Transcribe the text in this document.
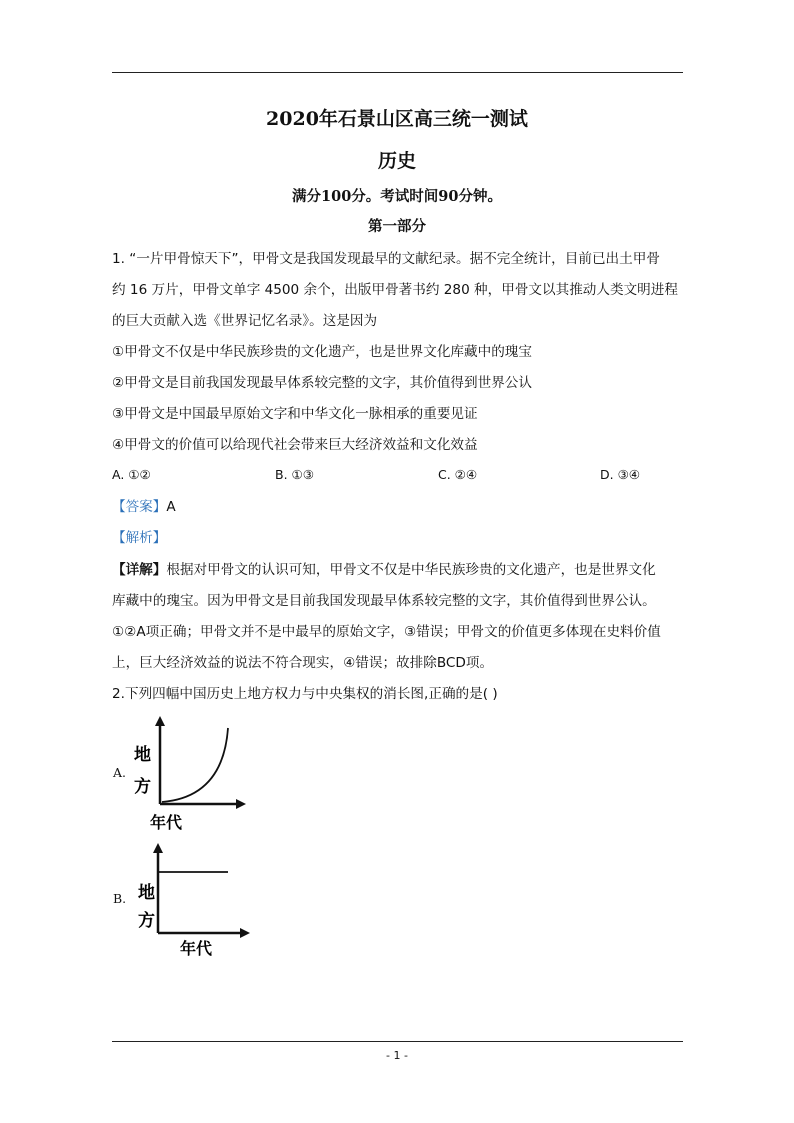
2020年石景山区高三统一测试
历史
满分100分。考试时间90分钟。
第一部分
1. “一片甲骨惊天下”，甲骨文是我国发现最早的文献纪录。据不完全统计，目前已出土甲骨
约 16 万片，甲骨文单字 4500 余个，出版甲骨著书约 280 种，甲骨文以其推动人类文明进程
的巨大贡献入选《世界记忆名录》。这是因为
①甲骨文不仅是中华民族珍贵的文化遗产，也是世界文化库藏中的瑰宝
②甲骨文是目前我国发现最早体系较完整的文字，其价值得到世界公认
③甲骨文是中国最早原始文字和中华文化一脉相承的重要见证
④甲骨文的价值可以给现代社会带来巨大经济效益和文化效益
A. ①②	B. ①③	C. ②④	D. ③④
【答案】A
【解析】
【详解】根据对甲骨文的认识可知，甲骨文不仅是中华民族珍贵的文化遗产，也是世界文化
库藏中的瑰宝。因为甲骨文是目前我国发现最早体系较完整的文字，其价值得到世界公认。
①②A项正确；甲骨文并不是中最早的原始文字，③错误；甲骨文的价值更多体现在史料价值
上，巨大经济效益的说法不符合现实，④错误；故排除BCD项。
2.下列四幅中国历史上地方权力与中央集权的消长图,正确的是( )
A.
地
方
年代
B. 地
方
年代
- 1 -
